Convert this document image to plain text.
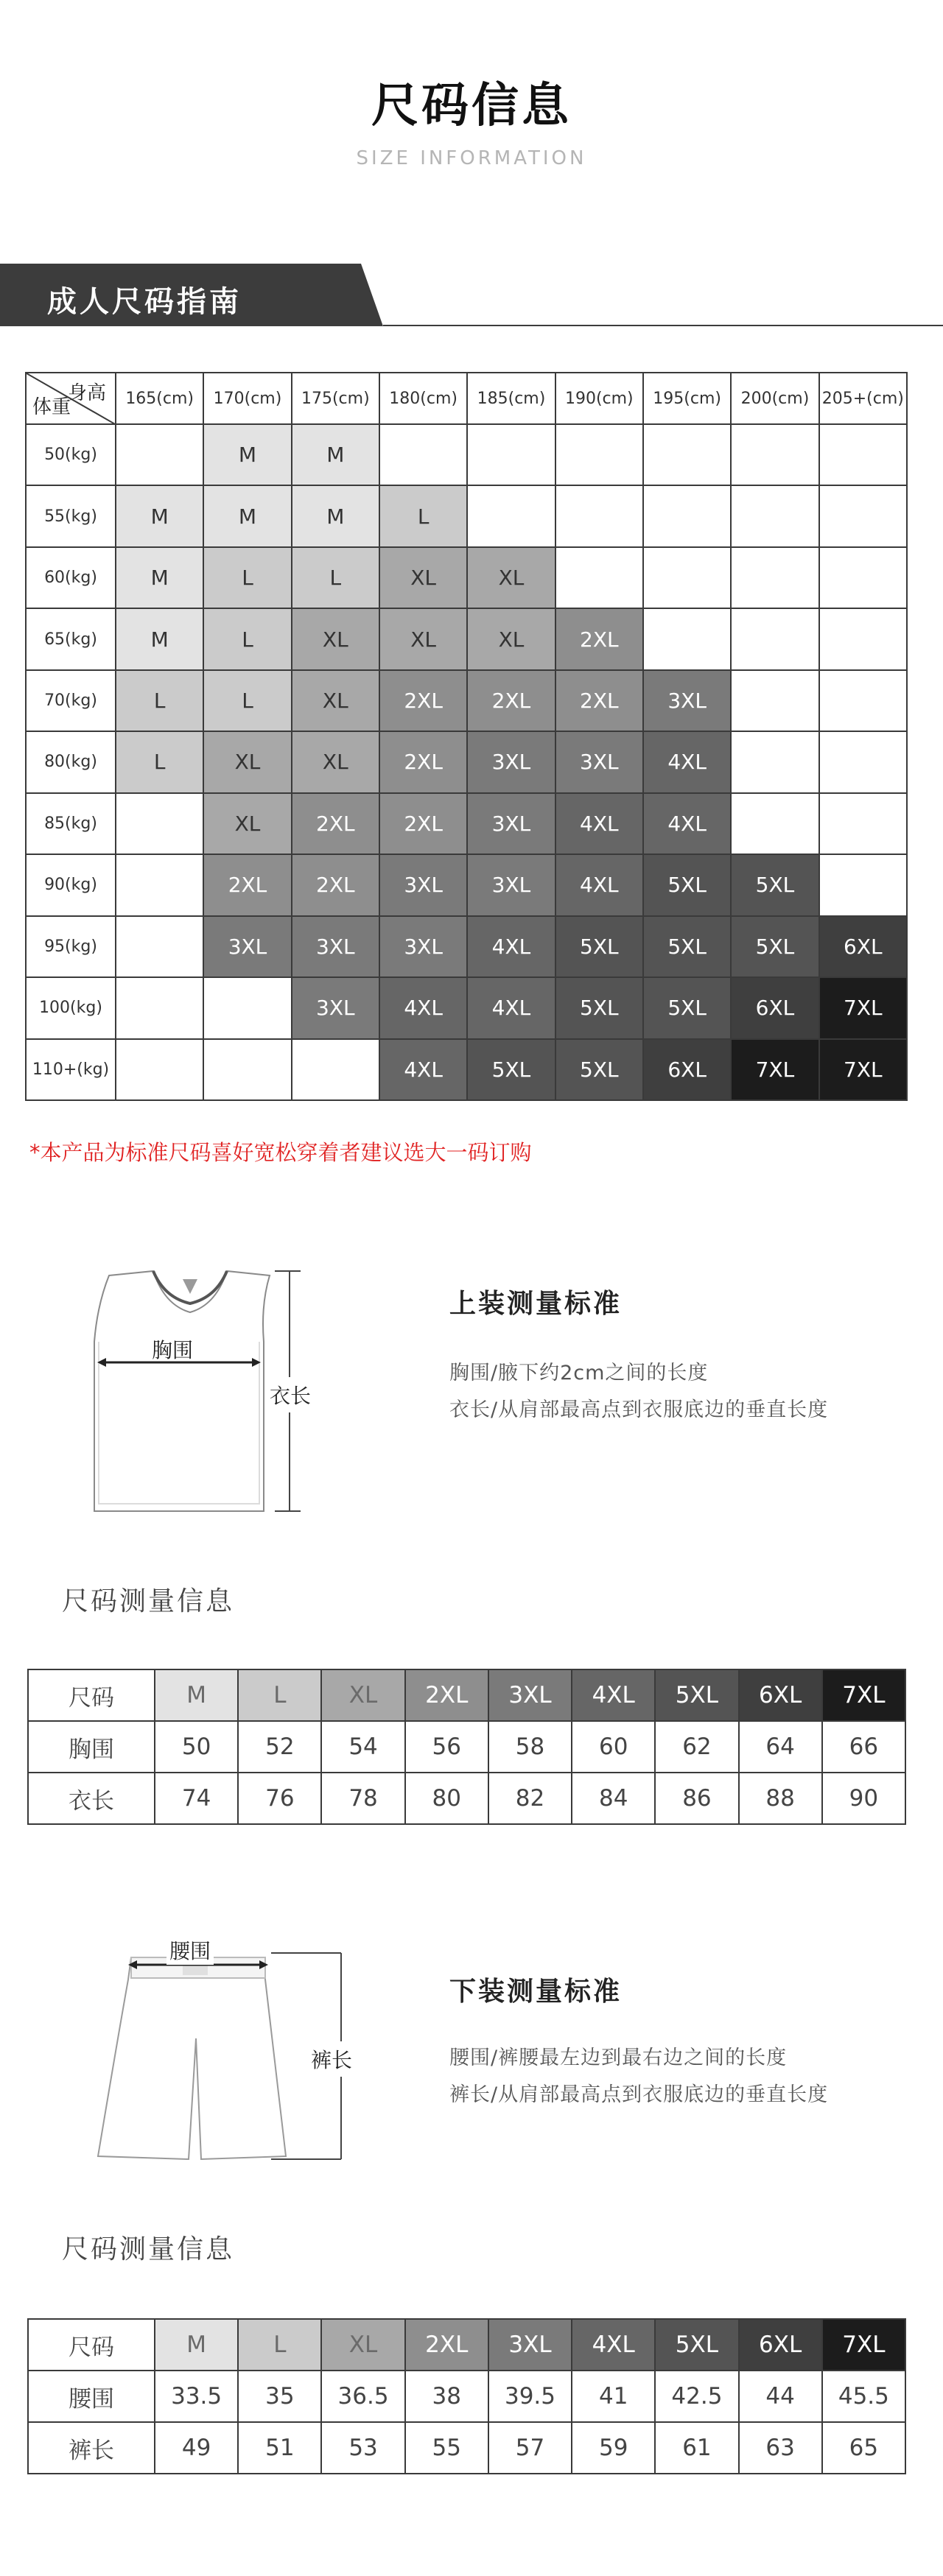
尺码信息
SIZE INFORMATION
成人尺码指南
身高
体重	165(cm)	170(cm)	175(cm)	180(cm)	185(cm)	190(cm)	195(cm)	200(cm)	205+(cm)
50(kg)		M	M						
55(kg)	M	M	M	L					
60(kg)	M	L	L	XL	XL				
65(kg)	M	L	XL	XL	XL	2XL			
70(kg)	L	L	XL	2XL	2XL	2XL	3XL		
80(kg)	L	XL	XL	2XL	3XL	3XL	4XL		
85(kg)		XL	2XL	2XL	3XL	4XL	4XL		
90(kg)		2XL	2XL	3XL	3XL	4XL	5XL	5XL	
95(kg)		3XL	3XL	3XL	4XL	5XL	5XL	5XL	6XL
100(kg)			3XL	4XL	4XL	5XL	5XL	6XL	7XL
110+(kg)				4XL	5XL	5XL	6XL	7XL	7XL
*本产品为标准尺码喜好宽松穿着者建议选大一码订购
胸围
衣长
上装测量标准
胸围/腋下约2cm之间的长度
衣长/从肩部最高点到衣服底边的垂直长度
尺码测量信息
尺码	M	L	XL	2XL	3XL	4XL	5XL	6XL	7XL
胸围	50	52	54	56	58	60	62	64	66
衣长	74	76	78	80	82	84	86	88	90
腰围
裤长
下装测量标准
腰围/裤腰最左边到最右边之间的长度
裤长/从肩部最高点到衣服底边的垂直长度
尺码测量信息
尺码	M	L	XL	2XL	3XL	4XL	5XL	6XL	7XL
腰围	33.5	35	36.5	38	39.5	41	42.5	44	45.5
裤长	49	51	53	55	57	59	61	63	65
